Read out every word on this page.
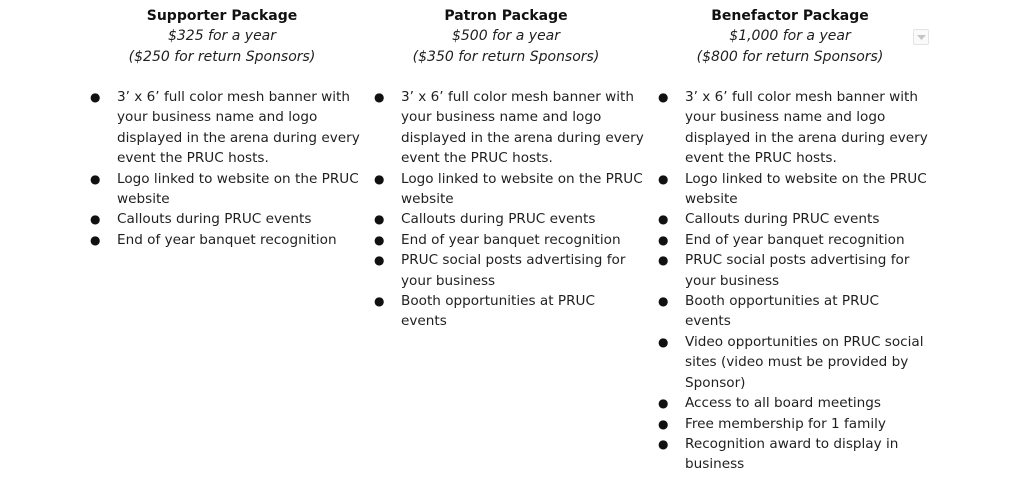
Supporter Package

$325 for a year

($250 for return Sponsors)

● 3’ x 6’ full color mesh banner with your business name and logo displayed in the arena during every event the PRUC hosts.
● Logo linked to website on the PRUC website
● Callouts during PRUC events
● End of year banquet recognition

Patron Package

$500 for a year

($350 for return Sponsors)

● 3’ x 6’ full color mesh banner with your business name and logo displayed in the arena during every event the PRUC hosts.
● Logo linked to website on the PRUC website
● Callouts during PRUC events
● End of year banquet recognition
● PRUC social posts advertising for your business
● Booth opportunities at PRUC events

Benefactor Package

$1,000 for a year

($800 for return Sponsors)

● 3’ x 6’ full color mesh banner with your business name and logo displayed in the arena during every event the PRUC hosts.
● Logo linked to website on the PRUC website
● Callouts during PRUC events
● End of year banquet recognition
● PRUC social posts advertising for your business
● Booth opportunities at PRUC events
● Video opportunities on PRUC social sites (video must be provided by Sponsor)
● Access to all board meetings
● Free membership for 1 family
● Recognition award to display in business
